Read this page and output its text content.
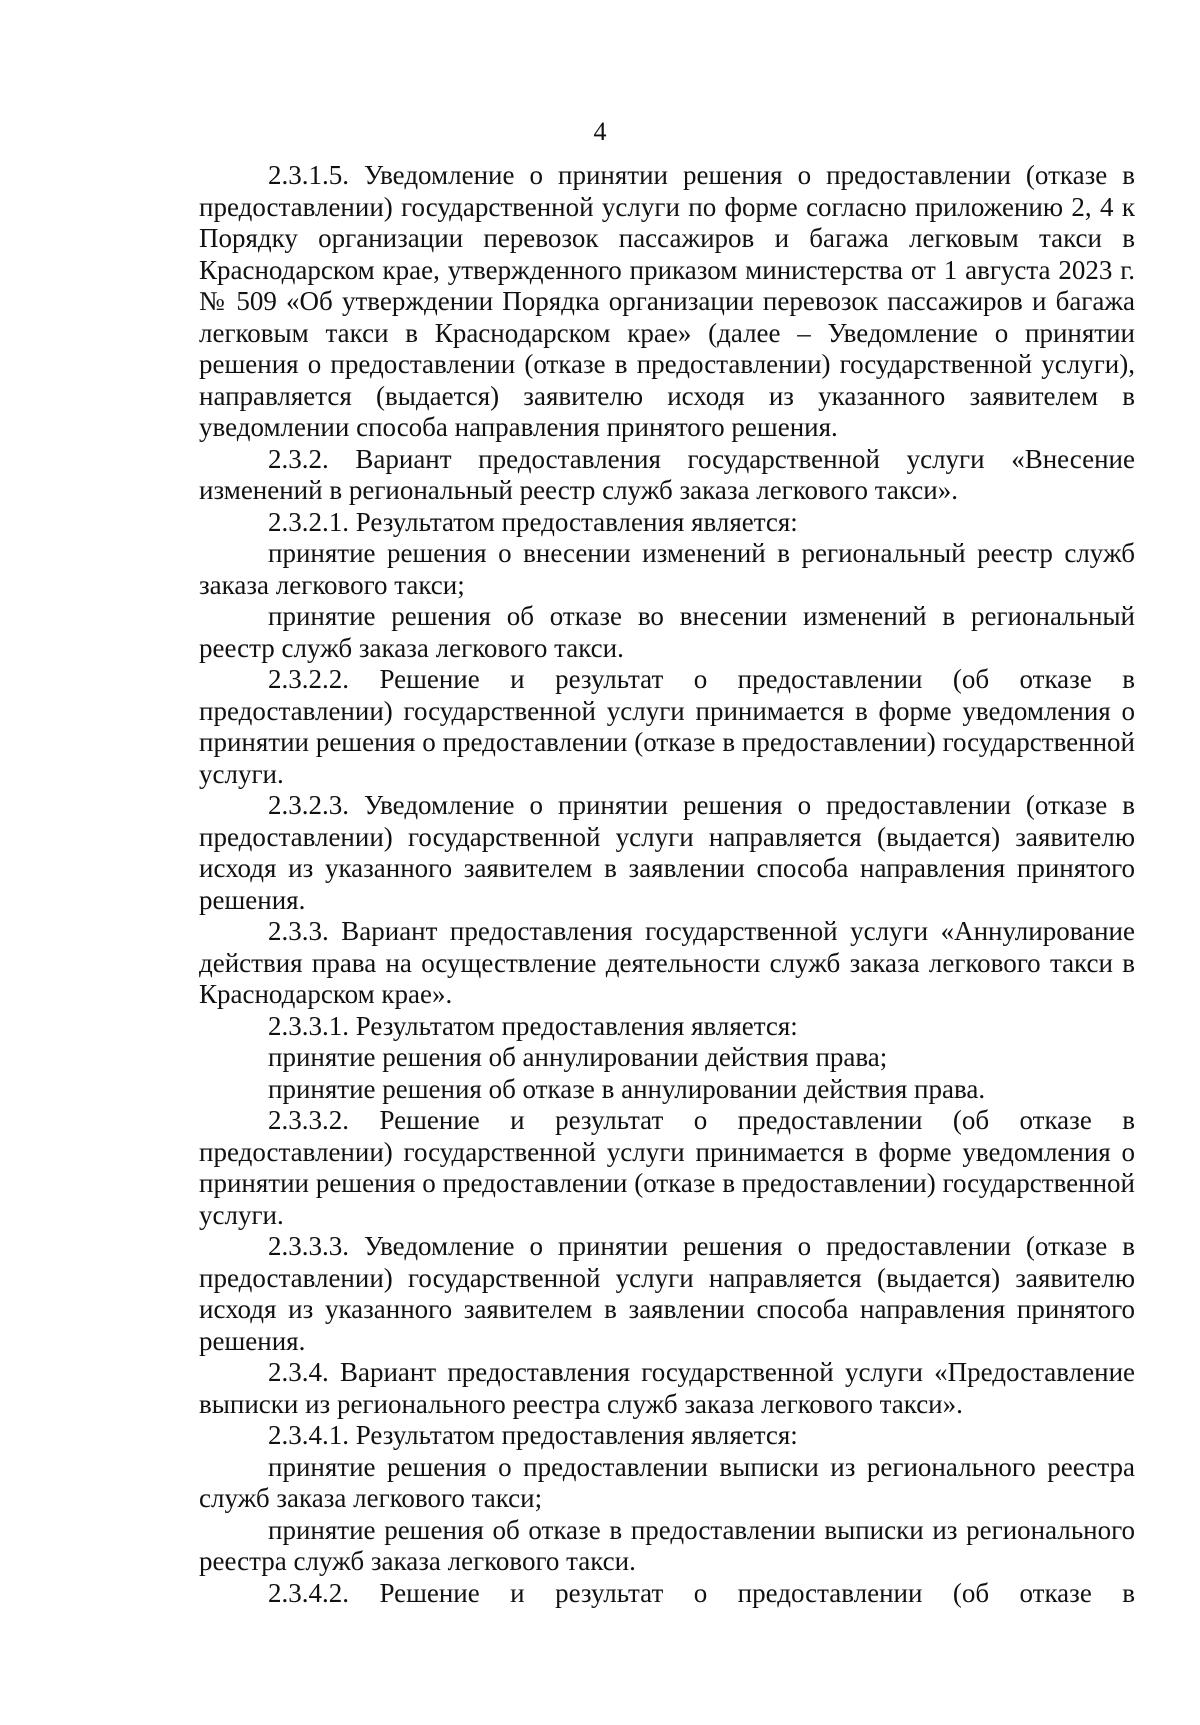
4

2.3.1.5. Уведомление о принятии решения о предоставлении (отказе в предоставлении) государственной услуги по форме согласно приложению 2, 4 к Порядку организации перевозок пассажиров и багажа легковым такси в Краснодарском крае, утвержденного приказом министерства от 1 августа 2023 г. № 509 «Об утверждении Порядка организации перевозок пассажиров и багажа легковым такси в Краснодарском крае» (далее – Уведомление о принятии решения о предоставлении (отказе в предоставлении) государственной услуги), направляется (выдается) заявителю исходя из указанного заявителем в уведомлении способа направления принятого решения.

2.3.2. Вариант предоставления государственной услуги «Внесение изменений в региональный реестр служб заказа легкового такси».

2.3.2.1. Результатом предоставления является:

принятие решения о внесении изменений в региональный реестр служб заказа легкового такси;

принятие решения об отказе во внесении изменений в региональный реестр служб заказа легкового такси.

2.3.2.2. Решение и результат о предоставлении (об отказе в предоставлении) государственной услуги принимается в форме уведомления о принятии решения о предоставлении (отказе в предоставлении) государственной услуги.

2.3.2.3. Уведомление о принятии решения о предоставлении (отказе в предоставлении) государственной услуги направляется (выдается) заявителю исходя из указанного заявителем в заявлении способа направления принятого решения.

2.3.3. Вариант предоставления государственной услуги «Аннулирование действия права на осуществление деятельности служб заказа легкового такси в Краснодарском крае».

2.3.3.1. Результатом предоставления является:

принятие решения об аннулировании действия права;

принятие решения об отказе в аннулировании действия права.

2.3.3.2. Решение и результат о предоставлении (об отказе в предоставлении) государственной услуги принимается в форме уведомления о принятии решения о предоставлении (отказе в предоставлении) государственной услуги.

2.3.3.3. Уведомление о принятии решения о предоставлении (отказе в предоставлении) государственной услуги направляется (выдается) заявителю исходя из указанного заявителем в заявлении способа направления принятого решения.

2.3.4. Вариант предоставления государственной услуги «Предоставление выписки из регионального реестра служб заказа легкового такси».

2.3.4.1. Результатом предоставления является:

принятие решения о предоставлении выписки из регионального реестра служб заказа легкового такси;

принятие решения об отказе в предоставлении выписки из регионального реестра служб заказа легкового такси.

2.3.4.2. Решение и результат о предоставлении (об отказе в
